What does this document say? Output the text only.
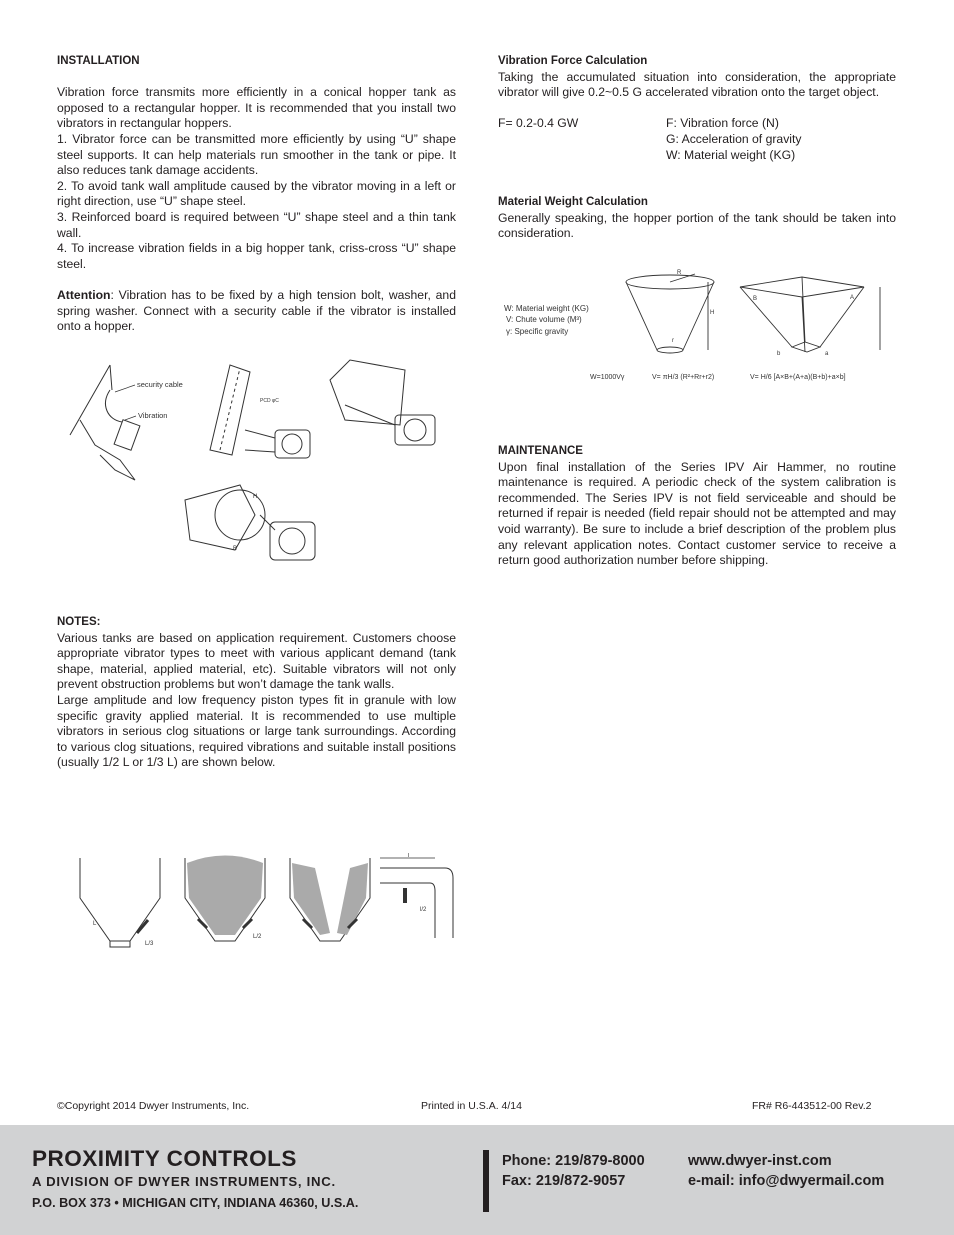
INSTALLATION

Vibration force transmits more efficiently in a conical hopper tank as opposed to a rectangular hopper. It is recommended that you install two vibrators in rectangular hoppers.

1. Vibrator force can be transmitted more efficiently by using “U” shape steel supports. It can help materials run smoother in the tank or pipe. It also reduces tank damage accidents.

2. To avoid tank wall amplitude caused by the vibrator moving in a left or right direction, use “U” shape steel.

3. Reinforced board is required between “U” shape steel and a thin tank wall.

4. To increase vibration fields in a big hopper tank, criss-cross “U” shape steel.

Attention: Vibration has to be fixed by a high tension bolt, washer, and spring washer. Connect with a security cable if the vibrator is installed onto a hopper.

security cable
Vibration
PCD φC
H
B

NOTES:

Various tanks are based on application requirement. Customers choose appropriate vibrator types to meet with various applicant demand (tank shape, material, applied material, etc). Suitable vibrators will not only prevent obstruction problems but won’t damage the tank walls.

Large amplitude and low frequency piston types fit in granule with low specific gravity applied material. It is recommended to use multiple vibrators in serious clog situations or large tank surroundings. According to various clog situations, required vibrations and suitable install positions (usually 1/2 L or 1/3 L) are shown below.

L
L/3
L/2
l
l/2

Vibration Force Calculation

Taking the accumulated situation into consideration, the appropriate vibrator will give 0.2~0.5 G accelerated vibration onto the target object.

F= 0.2-0.4 GW	F: Vibration force (N)

G: Acceleration of gravity

W: Material weight (KG)

Material Weight Calculation

Generally speaking, the hopper portion of the tank should be taken into consideration.

W: Material weight (KG)
V: Chute volume (M³)
γ: Specific gravity
R
H
r
B	A
b	a
W=1000Vγ	V= πH/3 (R²+Rr+r2)	V= H/6 [A×B+(A+a)(B+b)+a×b]

MAINTENANCE

Upon final installation of the Series IPV Air Hammer, no routine maintenance is required. A periodic check of the system calibration is recommended. The Series IPV is not field serviceable and should be returned if repair is needed (field repair should not be attempted and may void warranty). Be sure to include a brief description of the problem plus any relevant application notes. Contact customer service to receive a return good authorization number before shipping.

©Copyright 2014 Dwyer Instruments, Inc.	Printed in U.S.A. 4/14	FR# R6-443512-00 Rev.2
PROXIMITY CONTROLS
A DIVISION OF DWYER INSTRUMENTS, INC.
P.O. BOX 373 • MICHIGAN CITY, INDIANA 46360, U.S.A.
Phone: 219/879-8000
Fax: 219/872-9057
www.dwyer-inst.com
e-mail: info@dwyermail.com
